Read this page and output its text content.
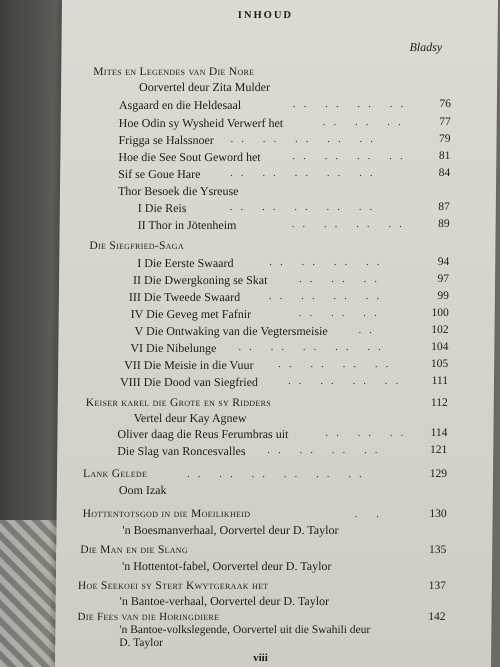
INHOUD
Bladsy
Mites en Legendes van Die Nore
Oorvertel deur Zita Mulder
Asgaard en die Heldesaal	.. .. .. ..	76
Hoe Odin sy Wysheid Verwerf het	.. .. ..	77
Frigga se Halssnoer .. .. .. .. ..	79
Hoe die See Sout Geword het	.. .. .. ..	81
Sif se Goue Hare	.. .. .. .. ..	84
Thor Besoek die Ysreuse
I Die Reis	.. .. .. .. ..	87
II Thor in Jötenheim	.. .. .. ..	89
Die Siegfried-Saga
I Die Eerste Swaard	.. .. .. ..	94
II Die Dwergkoning se Skat	.. .. ..	97
III Die Tweede Swaard	.. .. .. ..	99
IV Die Geveg met Fafnir	.. .. ..	100
V Die Ontwaking van die Vegtersmeisie	..	102
VI Die Nibelunge .. .. .. .. ..	104
VII Die Meisie in die Vuur .. .. .. ..	105
VIII Die Dood van Siegfried	.. .. .. ..	111
Keiser karel die Grote en sy Ridders	112
Vertel deur Kay Agnew
Oliver daag die Reus Ferumbras uit	.. .. ..	114
Die Slag van Roncesvalles .. .. .. ..	121
Lank Gelede	.. .. .. .. .. ..	129
Oom Izak
Hottentotsgod in die Moeilikheid	. .	130
'n Boesmanverhaal, Oorvertel deur D. Taylor
Die Man en die Slang	135
'n Hottentot-fabel, Oorvertel deur D. Taylor
Hoe Seekoei sy Stert Kwytgeraak het	137
'n Bantoe-verhaal, Oorvertel deur D. Taylor
Die Fees van die Horingdiere	142
'n Bantoe-volkslegende, Oorvertel uit die Swahili deur
D. Taylor
viii
